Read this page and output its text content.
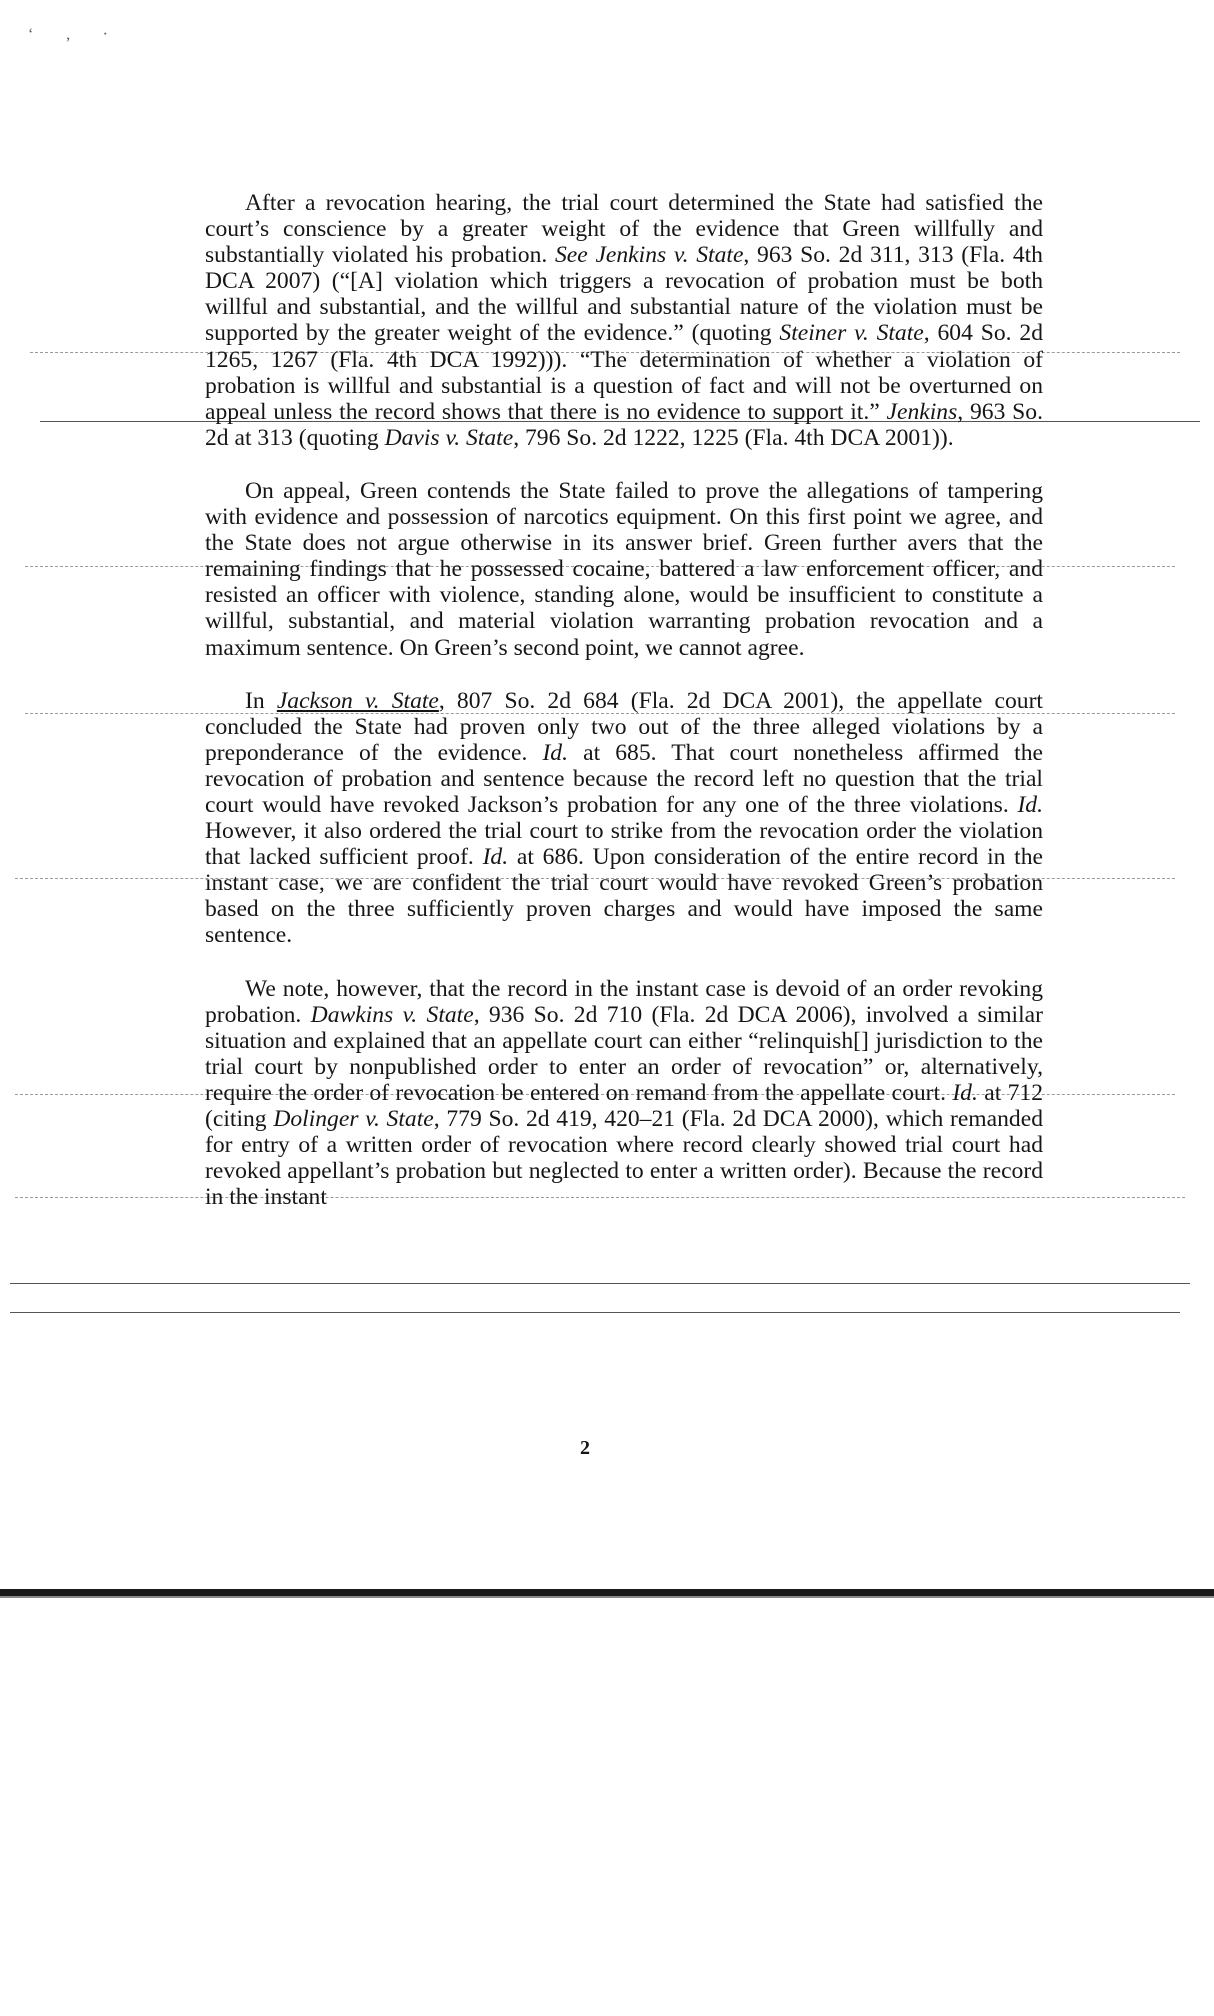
‘ ‚ ·

After a revocation hearing, the trial court determined the State had satisfied the court’s conscience by a greater weight of the evidence that Green willfully and substantially violated his probation. See Jenkins v. State, 963 So. 2d 311, 313 (Fla. 4th DCA 2007) (“[A] violation which triggers a revocation of probation must be both willful and substantial, and the willful and substantial nature of the violation must be supported by the greater weight of the evidence.” (quoting Steiner v. State, 604 So. 2d 1265, 1267 (Fla. 4th DCA 1992))). “The determination of whether a violation of probation is willful and substantial is a question of fact and will not be overturned on appeal unless the record shows that there is no evidence to support it.” Jenkins, 963 So. 2d at 313 (quoting Davis v. State, 796 So. 2d 1222, 1225 (Fla. 4th DCA 2001)).

On appeal, Green contends the State failed to prove the allegations of tampering with evidence and possession of narcotics equipment. On this first point we agree, and the State does not argue otherwise in its answer brief. Green further avers that the remaining findings that he possessed cocaine, battered a law enforcement officer, and resisted an officer with violence, standing alone, would be insufficient to constitute a willful, substantial, and material violation warranting probation revocation and a maximum sentence. On Green’s second point, we cannot agree.

In Jackson v. State, 807 So. 2d 684 (Fla. 2d DCA 2001), the appellate court concluded the State had proven only two out of the three alleged violations by a preponderance of the evidence. Id. at 685. That court nonetheless affirmed the revocation of probation and sentence because the record left no question that the trial court would have revoked Jackson’s probation for any one of the three violations. Id. However, it also ordered the trial court to strike from the revocation order the violation that lacked sufficient proof. Id. at 686. Upon consideration of the entire record in the instant case, we are confident the trial court would have revoked Green’s probation based on the three sufficiently proven charges and would have imposed the same sentence.

We note, however, that the record in the instant case is devoid of an order revoking probation. Dawkins v. State, 936 So. 2d 710 (Fla. 2d DCA 2006), involved a similar situation and explained that an appellate court can either “relinquish[] jurisdiction to the trial court by nonpublished order to enter an order of revocation” or, alternatively, require the order of revocation be entered on remand from the appellate court. Id. at 712 (citing Dolinger v. State, 779 So. 2d 419, 420–21 (Fla. 2d DCA 2000), which remanded for entry of a written order of revocation where record clearly showed trial court had revoked appellant’s probation but neglected to enter a written order). Because the record in the instant

2
